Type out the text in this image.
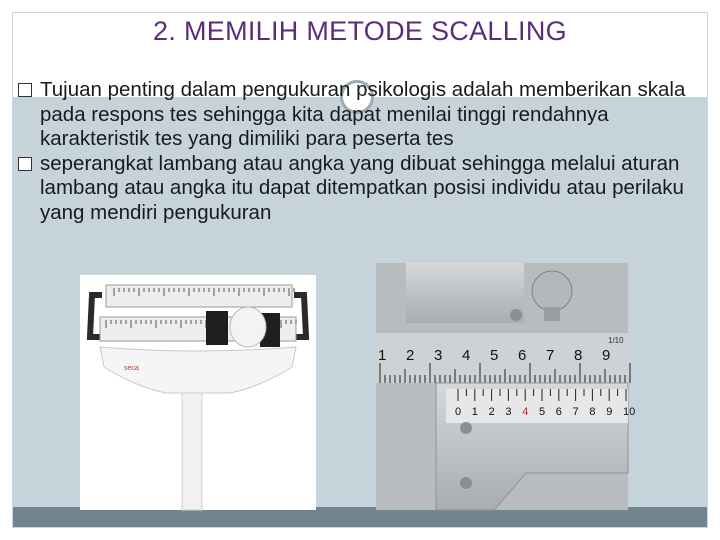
2. MEMILIH METODE SCALLING

Tujuan penting dalam pengukuran psikologis adalah memberikan skala pada respons tes sehingga kita dapat menilai tinggi rendahnya karakteristik tes yang dimiliki para peserta tes

seperangkat lambang atau angka yang dibuat sehingga melalui aturan lambang atau angka itu dapat ditempatkan posisi individu atau perilaku yang mendiri pengukuran

seca
1 2 3 4 5 6 7 8 9
0 1 2 3 4 5 6 7 8 9 10
1/10
